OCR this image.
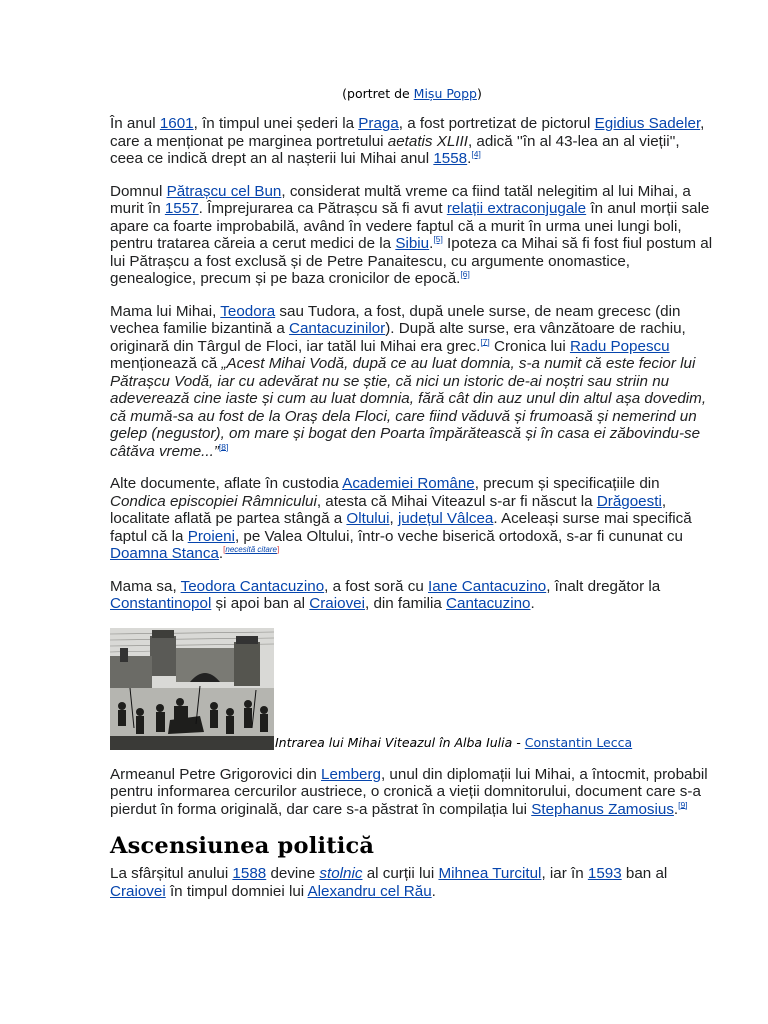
(portret de Mișu Popp)

În anul 1601, în timpul unei șederi la Praga, a fost portretizat de pictorul Egidius Sadeler, care a menționat pe marginea portretului aetatis XLIII, adică ''în al 43-lea an al vieții'', ceea ce indică drept an al nașterii lui Mihai anul 1558.[4]

Domnul Pătrașcu cel Bun, considerat multă vreme ca fiind tatăl nelegitim al lui Mihai, a murit în 1557. Împrejurarea ca Pătrașcu să fi avut relații extraconjugale în anul morții sale apare ca foarte improbabilă, având în vedere faptul că a murit în urma unei lungi boli, pentru tratarea căreia a cerut medici de la Sibiu.[5] Ipoteza ca Mihai să fi fost fiul postum al lui Pătrașcu a fost exclusă și de Petre Panaitescu, cu argumente onomastice, genealogice, precum și pe baza cronicilor de epocă.[6]

Mama lui Mihai, Teodora sau Tudora, a fost, după unele surse, de neam grecesc (din vechea familie bizantină a Cantacuzinilor). După alte surse, era vânzătoare de rachiu, originară din Târgul de Floci, iar tatăl lui Mihai era grec.[7] Cronica lui Radu Popescu menționează că „Acest Mihai Vodă, după ce au luat domnia, s-a numit că este fecior lui Pătrașcu Vodă, iar cu adevărat nu se știe, că nici un istoric de-ai noștri sau striin nu adeverează cine iaste și cum au luat domnia, fără cât din auz unul din altul așa dovedim, că mumă-sa au fost de la Oraș dela Floci, care fiind văduvă și frumoasă și nemerind un gelep (negustor), om mare și bogat den Poarta împărătească și în casa ei zăbovindu-se câtăva vreme...”[8]

Alte documente, aflate în custodia Academiei Române, precum și specificațiile din Condica episcopiei Râmnicului, atesta că Mihai Viteazul s-ar fi născut la Drăgoesti, localitate aflată pe partea stângă a Oltului, județul Vâlcea. Aceleași surse mai specifică faptul că la Proieni, pe Valea Oltului, într-o veche biserică ortodoxă, s-ar fi cununat cu Doamna Stanca.[necesită citare]

Mama sa, Teodora Cantacuzino, a fost soră cu Iane Cantacuzino, înalt dregător la Constantinopol și apoi ban al Craiovei, din familia Cantacuzino.

Intrarea lui Mihai Viteazul în Alba Iulia - Constantin Lecca

Armeanul Petre Grigorovici din Lemberg, unul din diplomații lui Mihai, a întocmit, probabil pentru informarea cercurilor austriece, o cronică a vieții domnitorului, document care s-a pierdut în forma originală, dar care s-a păstrat în compilația lui Stephanus Zamosius.[9]

Ascensiunea politică

La sfârșitul anului 1588 devine stolnic al curții lui Mihnea Turcitul, iar în 1593 ban al Craiovei în timpul domniei lui Alexandru cel Rău.
